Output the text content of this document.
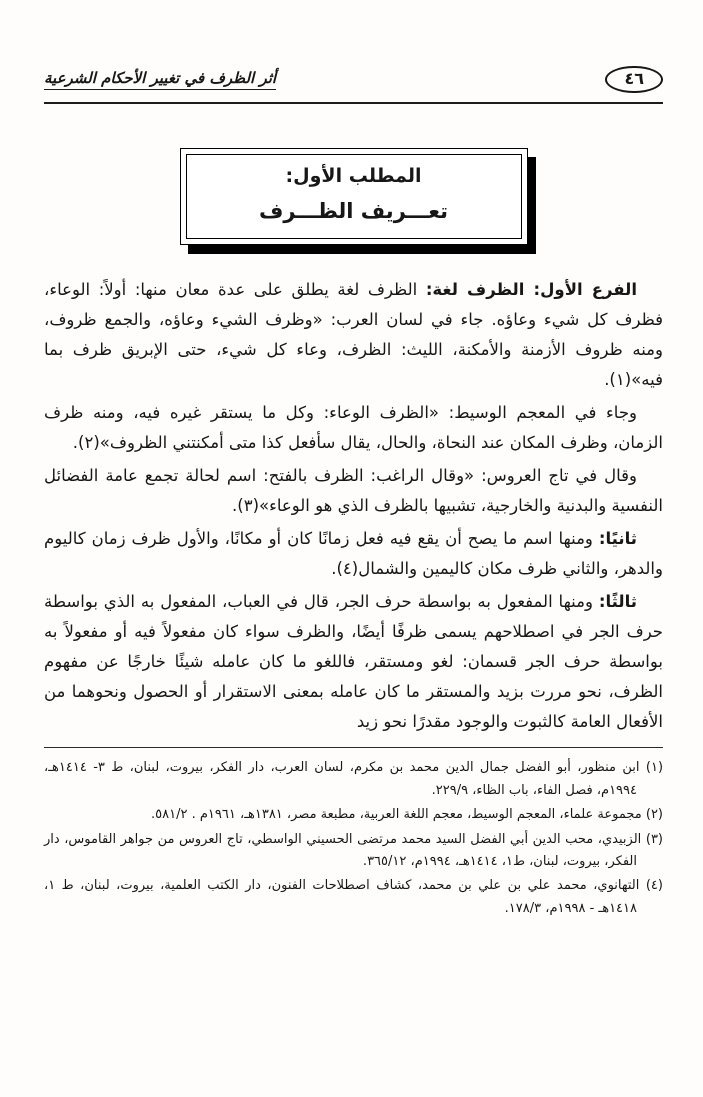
أثر الظرف في تغيير الأحكام الشرعية	٤٦
المطلب الأول:
تعـــريف الظـــرف

الفرع الأول: الظرف لغة: الظرف لغة يطلق على عدة معان منها: أولاً: الوعاء، فظرف كل شيء وعاؤه. جاء في لسان العرب: «وظرف الشيء وعاؤه، والجمع ظروف، ومنه ظروف الأزمنة والأمكنة، الليث: الظرف، وعاء كل شيء، حتى الإبريق ظرف بما فيه»(١).

وجاء في المعجم الوسيط: «الظرف الوعاء: وكل ما يستقر غيره فيه، ومنه ظرف الزمان، وظرف المكان عند النحاة، والحال، يقال سأفعل كذا متى أمكنتني الظروف»(٢).

وقال في تاج العروس: «وقال الراغب: الظرف بالفتح: اسم لحالة تجمع عامة الفضائل النفسية والبدنية والخارجية، تشبيها بالظرف الذي هو الوعاء»(٣).

ثانيًا: ومنها اسم ما يصح أن يقع فيه فعل زمانًا كان أو مكانًا، والأول ظرف زمان كاليوم والدهر، والثاني ظرف مكان كاليمين والشمال(٤).

ثالثًا: ومنها المفعول به بواسطة حرف الجر، قال في العباب، المفعول به الذي بواسطة حرف الجر في اصطلاحهم يسمى ظرفًا أيضًا، والظرف سواء كان مفعولاً فيه أو مفعولاً به بواسطة حرف الجر قسمان: لغو ومستقر، فاللغو ما كان عامله شيئًا خارجًا عن مفهوم الظرف، نحو مررت بزيد والمستقر ما كان عامله بمعنى الاستقرار أو الحصول ونحوهما من الأفعال العامة كالثبوت والوجود مقدرًا نحو زيد

(١) ابن منظور، أبو الفضل جمال الدين محمد بن مكرم، لسان العرب، دار الفكر، بيروت، لبنان، ط ٣- ١٤١٤هـ، ١٩٩٤م، فصل الفاء، باب الظاء، ٢٢٩/٩.

(٢) مجموعة علماء، المعجم الوسيط، معجم اللغة العربية، مطبعة مصر، ١٣٨١هـ، ١٩٦١م . ٥٨١/٢.

(٣) الزبيدي، محب الدين أبي الفضل السيد محمد مرتضى الحسيني الواسطي، تاج العروس من جواهر القاموس، دار الفكر، بيروت، لبنان، ط١، ١٤١٤هـ، ١٩٩٤م، ٣٦٥/١٢.

(٤) التهانوي، محمد علي بن علي بن محمد، كشاف اصطلاحات الفنون، دار الكتب العلمية، بيروت، لبنان، ط ١، ١٤١٨هـ - ١٩٩٨م، ١٧٨/٣.
